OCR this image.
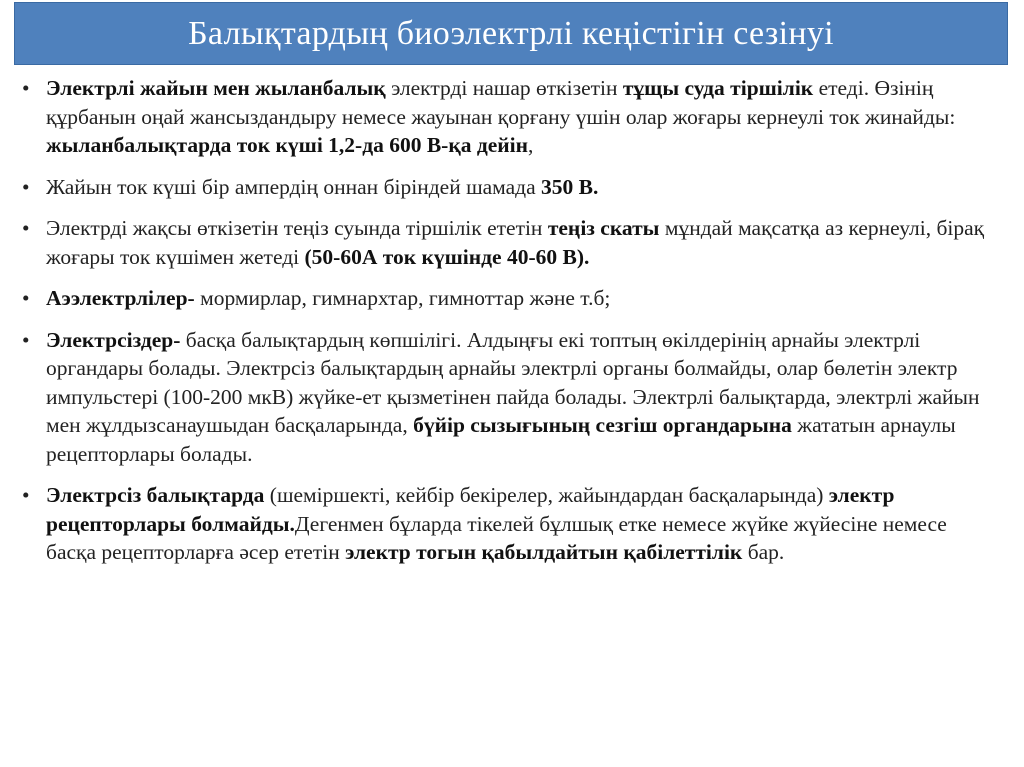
Балықтардың биоэлектрлі кеңістігін сезінуі
• Электрлі жайын мен жыланбалық электрді нашар өткізетін тұщы суда тіршілік етеді. Өзінің құрбанын оңай жансыздандыру немесе жауынан қорғану үшін олар жоғары кернеулі ток жинайды: жыланбалықтарда ток күші 1,2-да 600 В-қа дейін,
• Жайын ток күші бір ампердің оннан біріндей шамада 350 В.
• Электрді жақсы өткізетін теңіз суында тіршілік ететін теңіз скаты мұндай мақсатқа аз кернеулі, бірақ жоғары ток күшімен жетеді (50-60А ток күшінде 40-60 В).
• Аээлектрлілер- мормирлар, гимнархтар, гимноттар және т.б;
• Электрсіздер- басқа балықтардың көпшілігі. Алдыңғы екі топтың өкілдерінің арнайы электрлі органдары болады. Электрсіз балықтардың арнайы электрлі органы болмайды, олар бөлетін электр импульстері (100-200 мкВ) жүйке-ет қызметінен пайда болады. Электрлі балықтарда, электрлі жайын мен жұлдызсанаушыдан басқаларында, бүйір сызығының сезгіш органдарына жататын арнаулы рецепторлары болады.
• Электрсіз балықтарда (шеміршекті, кейбір бекірелер, жайындардан басқаларында) электр рецепторлары болмайды.Дегенмен бұларда тікелей бұлшық етке немесе жүйке жүйесіне немесе басқа рецепторларға әсер ететін электр тогын қабылдайтын қабілеттілік бар.
